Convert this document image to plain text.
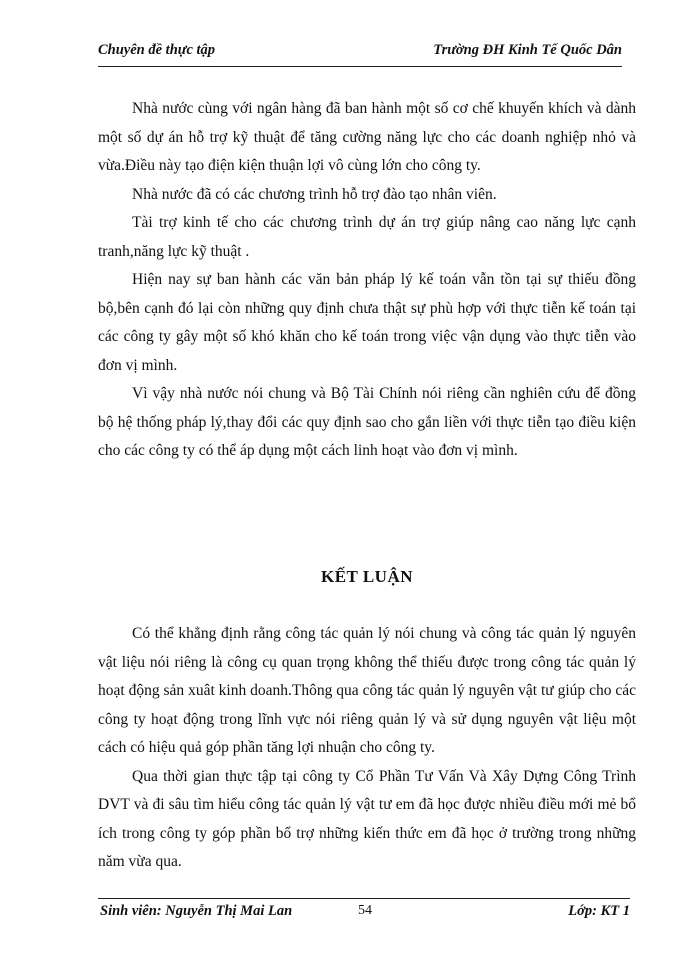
Chuyên đề thực tập	Trường ĐH Kinh Tế Quốc Dân

Nhà nước cùng với ngân hàng đã ban hành một số cơ chế khuyến khích và dành một số dự án hỗ trợ kỹ thuật để tăng cường năng lực cho các doanh nghiệp nhỏ và vừa.Điều này tạo điện kiện thuận lợi vô cùng lớn cho công ty.

Nhà nước đã có các chương trình hỗ trợ đào tạo nhân viên.

Tài trợ kinh tế cho các chương trình dự án trợ giúp nâng cao năng lực cạnh tranh,năng lực kỹ thuật .

Hiện nay sự ban hành các văn bản pháp lý kế toán vẫn tồn tại sự thiếu đồng bộ,bên cạnh đó lại còn những quy định chưa thật sự phù hợp với thực tiễn kế toán tại các công ty gây một số khó khăn cho kế toán trong việc vận dụng vào thực tiễn vào đơn vị mình.

Vì vậy nhà nước nói chung và Bộ Tài Chính nói riêng cần nghiên cứu để đồng bộ hệ thống pháp lý,thay đổi các quy định sao cho gắn liền với thực tiễn tạo điều kiện cho các công ty có thể áp dụng một cách linh hoạt vào đơn vị mình.

KẾT LUẬN

Có thể khẳng định rằng công tác quản lý nói chung và công tác quản lý nguyên vật liệu nói riêng là công cụ quan trọng không thể thiếu được trong công tác quản lý hoạt động sản xuât kinh doanh.Thông qua công tác quản lý nguyên vật tư giúp cho các công ty hoạt động trong lĩnh vực nói riêng quản lý và sử dụng nguyên vật liệu một cách có hiệu quả góp phần tăng lợi nhuận cho công ty.

Qua thời gian thực tập tại công ty Cổ Phần Tư Vấn Và Xây Dựng Công Trình DVT và đi sâu tìm hiểu công tác quản lý vật tư em đã học được nhiều điều mới mẻ bổ ích trong công ty góp phần bổ trợ những kiến thức em đã học ở trường trong những năm vừa qua.

Sinh viên: Nguyễn Thị Mai Lan	54	Lớp: KT 1
